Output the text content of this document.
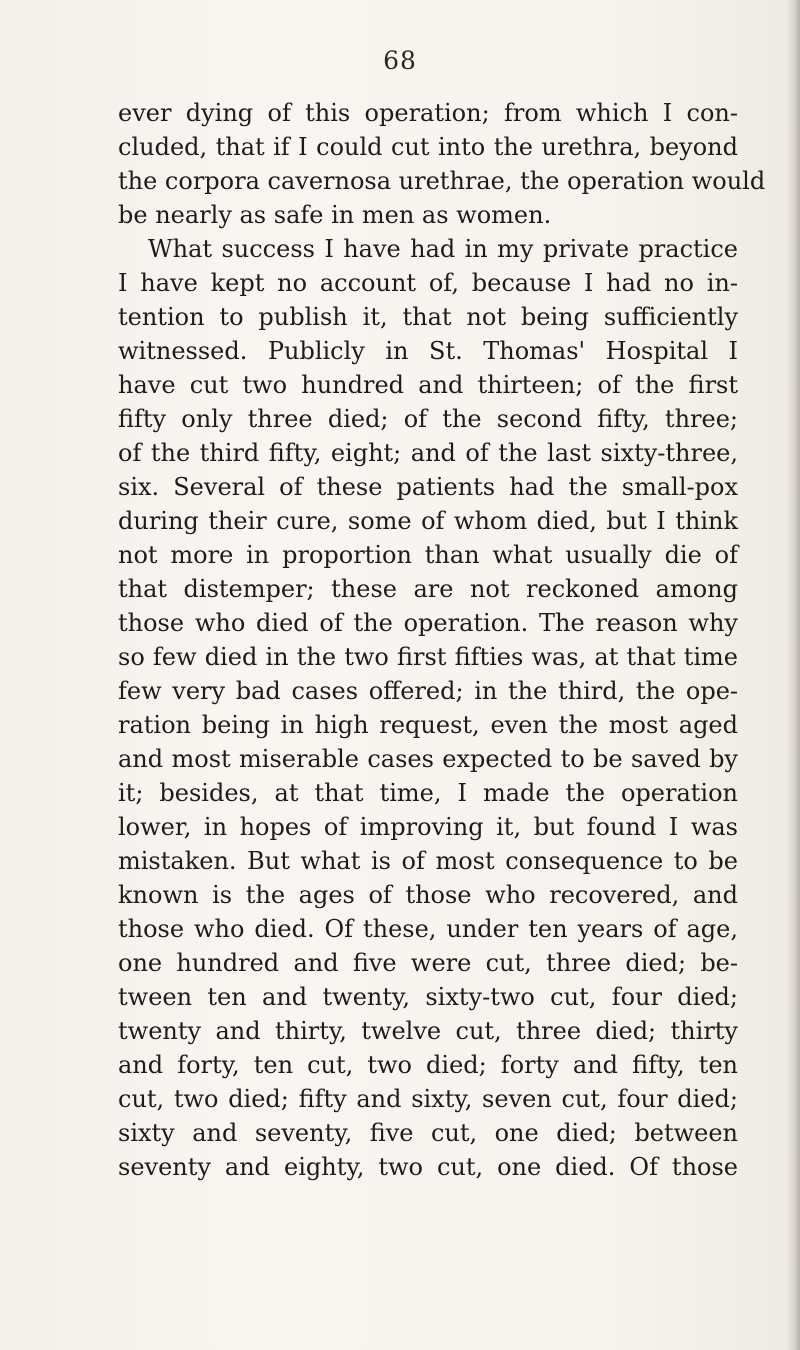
68
ever dying of this operation; from which I con-
cluded, that if I could cut into the urethra, beyond
the corpora cavernosa urethrae, the operation would
be nearly as safe in men as women.
What success I have had in my private practice
I have kept no account of, because I had no in-
tention to publish it, that not being sufficiently
witnessed. Publicly in St. Thomas' Hospital I
have cut two hundred and thirteen; of the first
fifty only three died; of the second fifty, three;
of the third fifty, eight; and of the last sixty-three,
six. Several of these patients had the small-pox
during their cure, some of whom died, but I think
not more in proportion than what usually die of
that distemper; these are not reckoned among
those who died of the operation. The reason why
so few died in the two first fifties was, at that time
few very bad cases offered; in the third, the ope-
ration being in high request, even the most aged
and most miserable cases expected to be saved by
it; besides, at that time, I made the operation
lower, in hopes of improving it, but found I was
mistaken. But what is of most consequence to be
known is the ages of those who recovered, and
those who died. Of these, under ten years of age,
one hundred and five were cut, three died; be-
tween ten and twenty, sixty-two cut, four died;
twenty and thirty, twelve cut, three died; thirty
and forty, ten cut, two died; forty and fifty, ten
cut, two died; fifty and sixty, seven cut, four died;
sixty and seventy, five cut, one died; between
seventy and eighty, two cut, one died. Of those
